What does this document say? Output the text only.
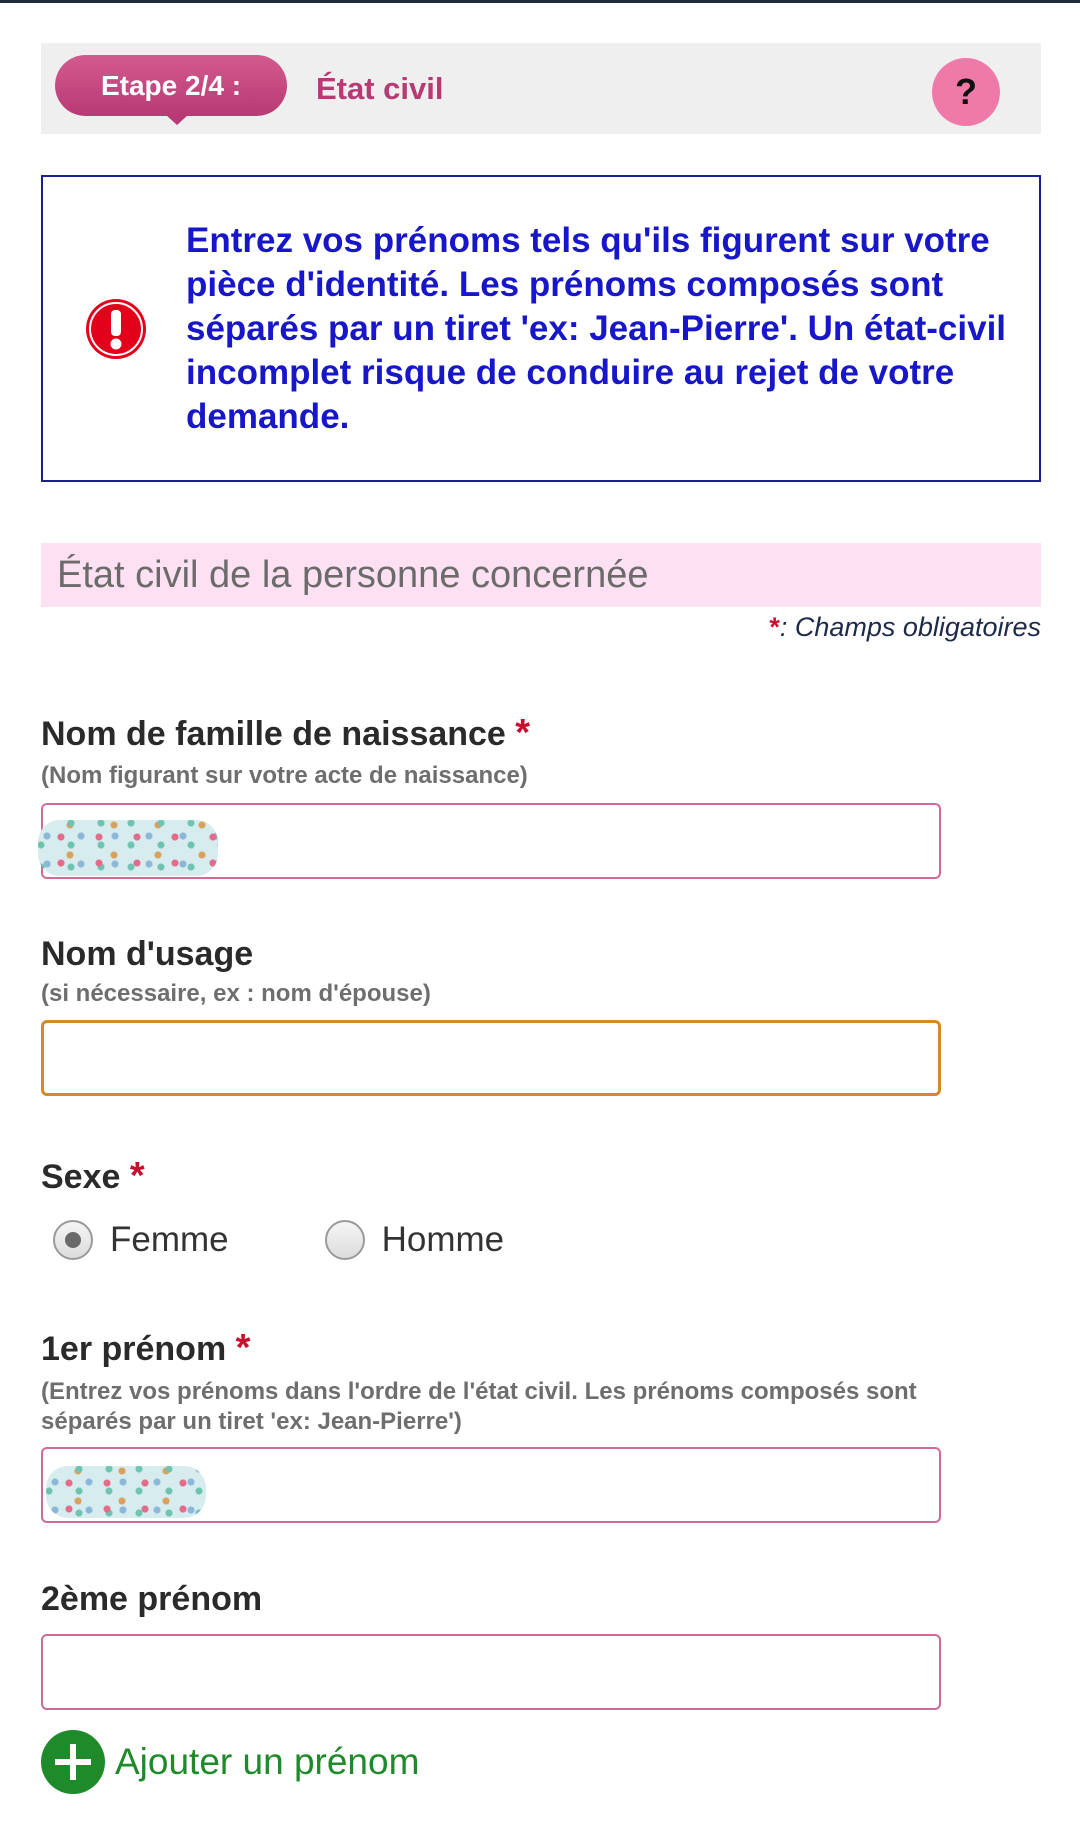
Etape 2/4 : État civil	?
Entrez vos prénoms tels qu'ils figurent sur votre pièce d'identité. Les prénoms composés sont séparés par un tiret 'ex: Jean-Pierre'. Un état-civil incomplet risque de conduire au rejet de votre demande.
État civil de la personne concernée
*: Champs obligatoires
Nom de famille de naissance *
(Nom figurant sur votre acte de naissance)
Nom d'usage
(si nécessaire, ex : nom d'épouse)
Sexe *
Femme	Homme
1er prénom *
(Entrez vos prénoms dans l'ordre de l'état civil. Les prénoms composés sont séparés par un tiret 'ex: Jean-Pierre')
2ème prénom
Ajouter un prénom
